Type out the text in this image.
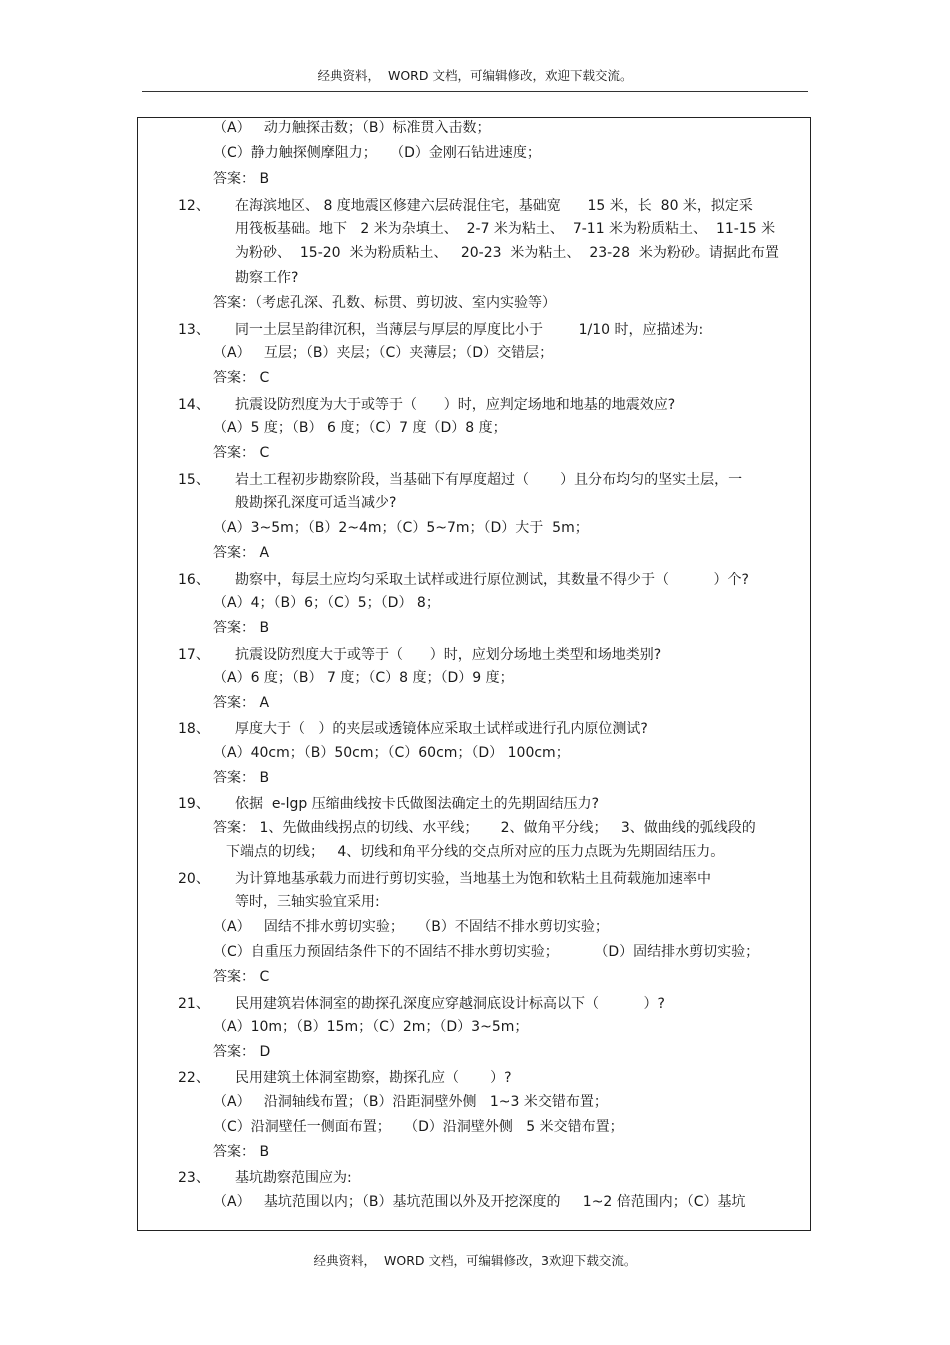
经典资料，  WORD 文档，可编辑修改，欢迎下载交流。
（A）   动力触探击数；（B）标准贯入击数；
（C）静力触探侧摩阻力；   （D）金刚石钻进速度；
答案： B
12、 在海滨地区、 8 度地震区修建六层砖混住宅，基础宽      15 米，长  80 米，拟定采
用筏板基础。地下   2 米为杂填土、  2-7 米为粘土、  7-11 米为粉质粘土、  11-15 米
为粉砂、  15-20  米为粉质粘土、   20-23  米为粘土、  23-28  米为粉砂。请据此布置
勘察工作?
答案：（考虑孔深、孔数、标贯、剪切波、室内实验等）
13、 同一土层呈韵律沉积，当薄层与厚层的厚度比小于        1/10 时，应描述为:
（A）   互层；（B）夹层；（C）夹薄层；（D）交错层；
答案： C
14、 抗震设防烈度为大于或等于（      ）时，应判定场地和地基的地震效应?
（A）5 度；（B） 6 度；（C）7 度（D）8 度；
答案： C
15、 岩土工程初步勘察阶段，当基础下有厚度超过（       ）且分布均匀的坚实土层，一
般勘探孔深度可适当减少?
（A）3~5m；（B）2~4m；（C）5~7m；（D）大于  5m；
答案： A
16、 勘察中，每层土应均匀采取土试样或进行原位测试，其数量不得少于（          ）个?
（A）4；（B）6；（C）5；（D） 8；
答案： B
17、 抗震设防烈度大于或等于（      ）时，应划分场地土类型和场地类别?
（A）6 度；（B） 7 度；（C）8 度；（D）9 度；
答案： A
18、 厚度大于（   ）的夹层或透镜体应采取土试样或进行孔内原位测试?
（A）40cm；（B）50cm；（C）60cm；（D） 100cm；
答案： B
19、 依据  e-lgp 压缩曲线按卡氏做图法确定土的先期固结压力?
答案： 1、先做曲线拐点的切线、水平线；     2、做角平分线；   3、做曲线的弧线段的
下端点的切线；   4、切线和角平分线的交点所对应的压力点既为先期固结压力。
20、 为计算地基承载力而进行剪切实验，当地基土为饱和软粘土且荷载施加速率中
等时，三轴实验宜采用:
（A）   固结不排水剪切实验；   （B）不固结不排水剪切实验；
（C）自重压力预固结条件下的不固结不排水剪切实验；        （D）固结排水剪切实验；
答案： C
21、 民用建筑岩体洞室的勘探孔深度应穿越洞底设计标高以下（          ）?
（A）10m；（B）15m；（C）2m；（D）3~5m；
答案： D
22、 民用建筑土体洞室勘察，勘探孔应（       ）?
（A）   沿洞轴线布置；（B）沿距洞壁外侧   1~3 米交错布置；
（C）沿洞壁任一侧面布置；   （D）沿洞壁外侧   5 米交错布置；
答案： B
23、 基坑勘察范围应为:
（A）   基坑范围以内；（B）基坑范围以外及开挖深度的     1~2 倍范围内；（C）基坑
经典资料，  WORD 文档，可编辑修改，3欢迎下载交流。
